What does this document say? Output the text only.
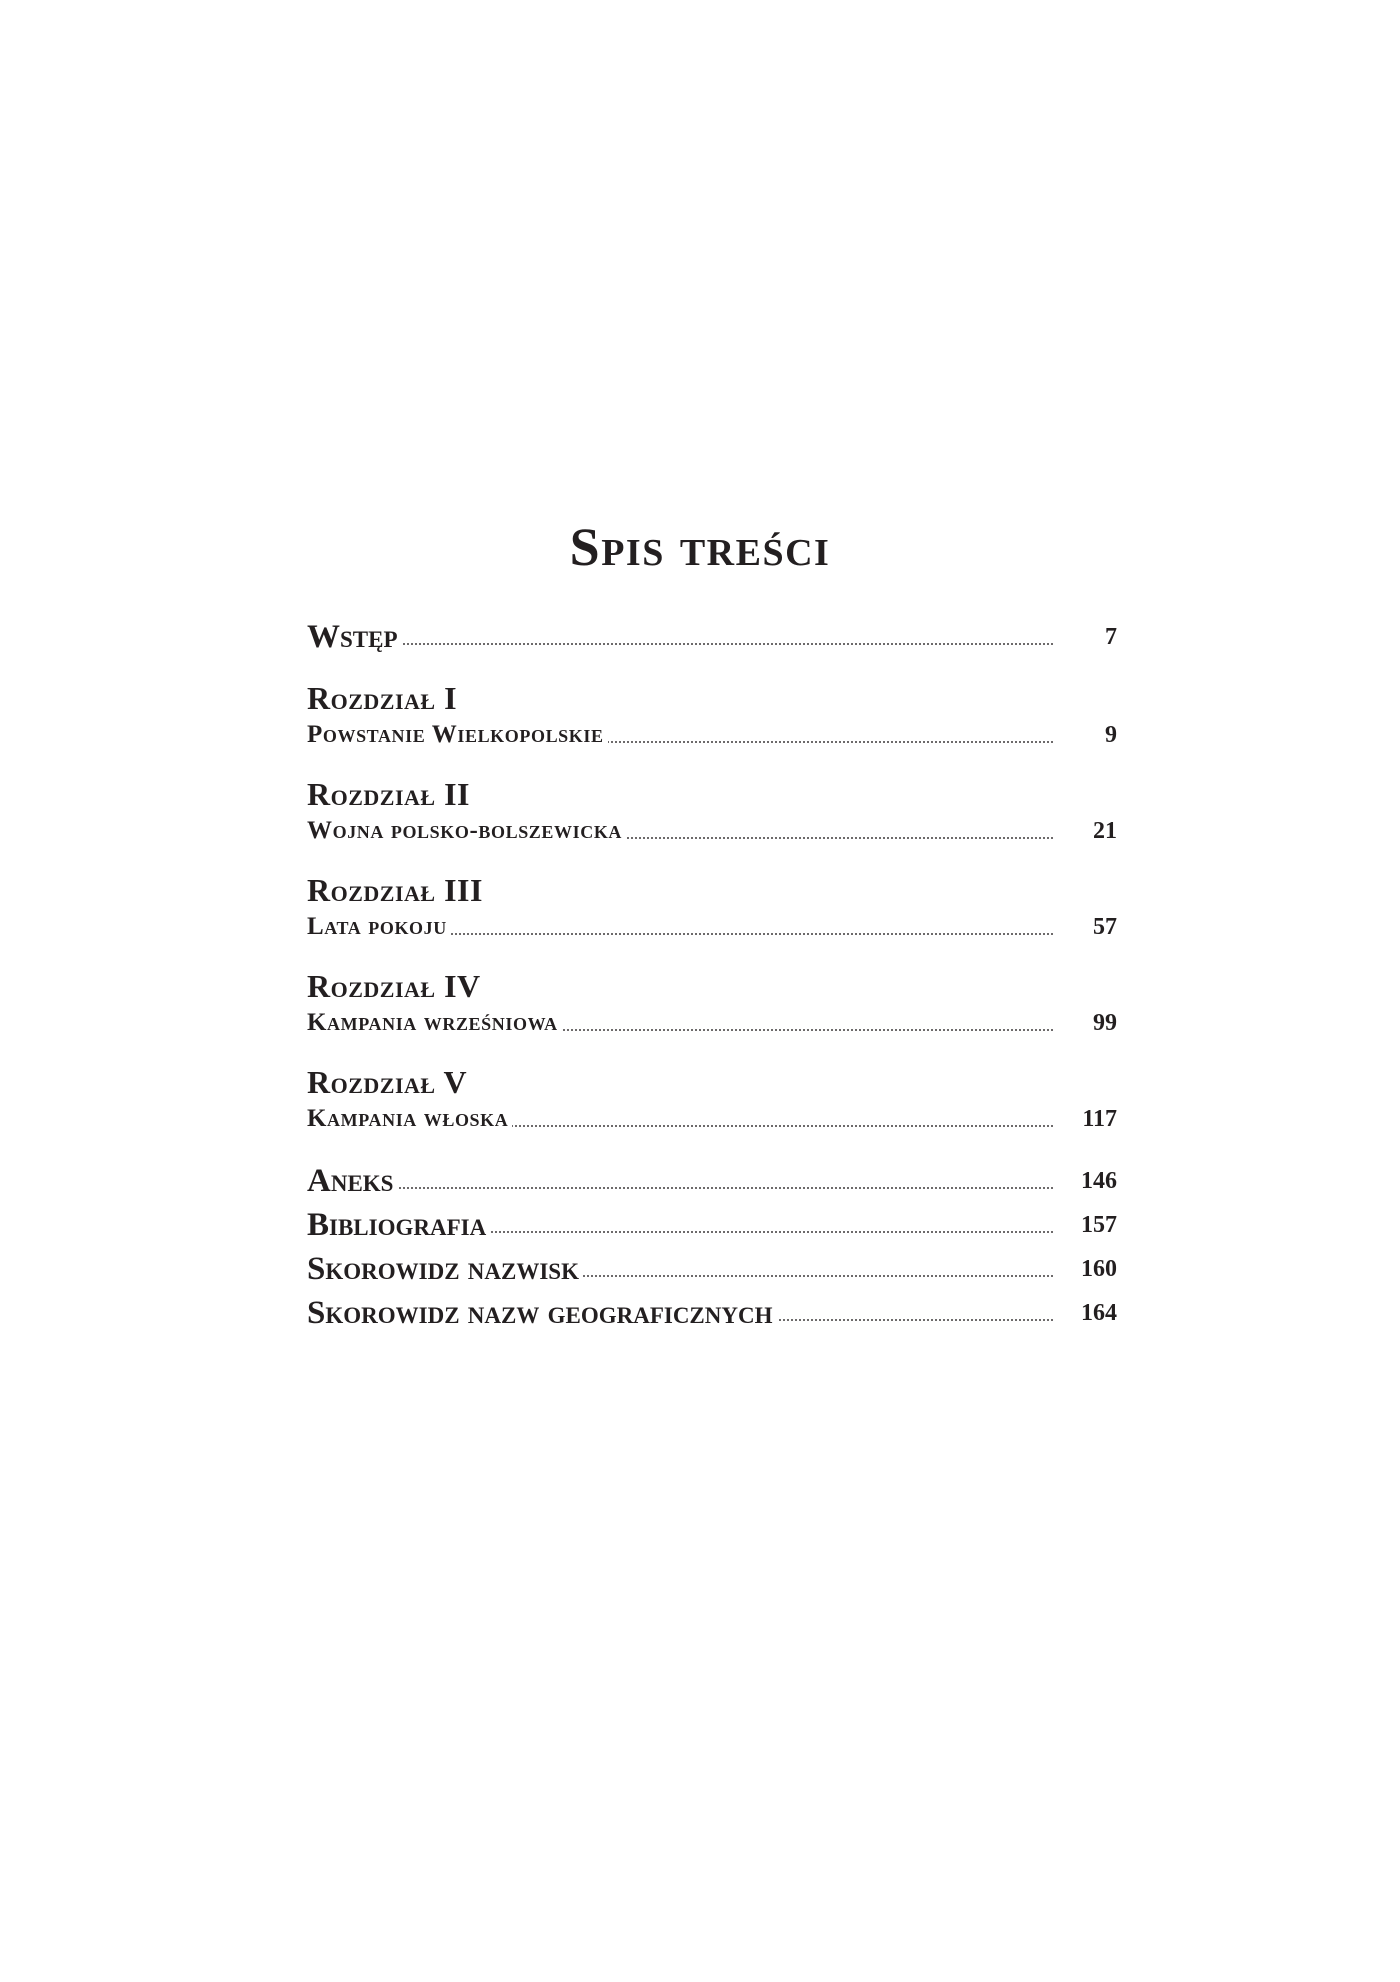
Spis treści
Wstęp	7
Rozdział I
Powstanie Wielkopolskie	9
Rozdział II
Wojna polsko-bolszewicka	21
Rozdział III
Lata pokoju	57
Rozdział IV
Kampania wrześniowa	99
Rozdział V
Kampania włoska	117
Aneks	146
Bibliografia	157
Skorowidz nazwisk	160
Skorowidz nazw geograficznych	164
